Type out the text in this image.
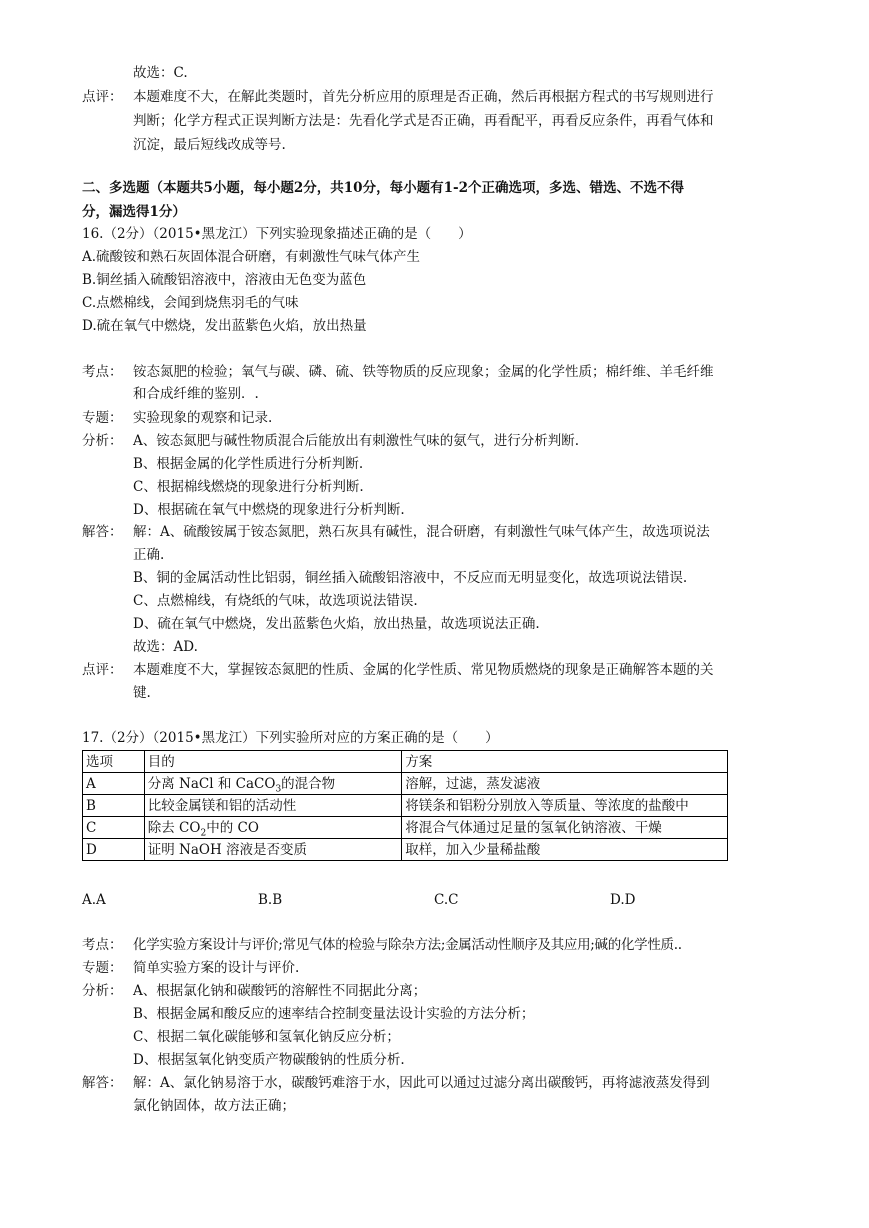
故选：C.
点评： 本题难度不大，在解此类题时，首先分析应用的原理是否正确，然后再根据方程式的书写规则进行
判断；化学方程式正误判断方法是：先看化学式是否正确，再看配平，再看反应条件，再看气体和
沉淀，最后短线改成等号.
二、多选题（本题共5小题，每小题2分，共10分，每小题有1-2个正确选项，多选、错选、不选不得
分，漏选得1分）
16.（2分）（2015•黑龙江）下列实验现象描述正确的是（　　）
A.硫酸铵和熟石灰固体混合研磨，有刺激性气味气体产生
B.铜丝插入硫酸铝溶液中，溶液由无色变为蓝色
C.点燃棉线，会闻到烧焦羽毛的气味
D.硫在氧气中燃烧，发出蓝紫色火焰，放出热量
考点： 铵态氮肥的检验；氧气与碳、磷、硫、铁等物质的反应现象；金属的化学性质；棉纤维、羊毛纤维
和合成纤维的鉴别．.
专题： 实验现象的观察和记录.
分析： A、铵态氮肥与碱性物质混合后能放出有刺激性气味的氨气，进行分析判断.
B、根据金属的化学性质进行分析判断.
C、根据棉线燃烧的现象进行分析判断.
D、根据硫在氧气中燃烧的现象进行分析判断.
解答： 解：A、硫酸铵属于铵态氮肥，熟石灰具有碱性，混合研磨，有刺激性气味气体产生，故选项说法
正确.
B、铜的金属活动性比铝弱，铜丝插入硫酸铝溶液中，不反应而无明显变化，故选项说法错误.
C、点燃棉线，有烧纸的气味，故选项说法错误.
D、硫在氧气中燃烧，发出蓝紫色火焰，放出热量，故选项说法正确.
故选：AD.
点评： 本题难度不大，掌握铵态氮肥的性质、金属的化学性质、常见物质燃烧的现象是正确解答本题的关
键.
17.（2分）（2015•黑龙江）下列实验所对应的方案正确的是（　　）
选项	目的	方案
A	分离 NaCl 和 CaCO$_3$的混合物	溶解，过滤，蒸发滤液
B	比较金属镁和铝的活动性	将镁条和铝粉分别放入等质量、等浓度的盐酸中
C	除去 $CO_2$中的 CO	将混合气体通过足量的氢氧化钠溶液、干燥
D	证明 NaOH 溶液是否变质	取样，加入少量稀盐酸
A.A	B.B	C.C	D.D
考点： 化学实验方案设计与评价;常见气体的检验与除杂方法;金属活动性顺序及其应用;碱的化学性质..
专题： 简单实验方案的设计与评价.
分析： A、根据氯化钠和碳酸钙的溶解性不同据此分离；
B、根据金属和酸反应的速率结合控制变量法设计实验的方法分析；
C、根据二氧化碳能够和氢氧化钠反应分析；
D、根据氢氧化钠变质产物碳酸钠的性质分析.
解答： 解：A、氯化钠易溶于水，碳酸钙难溶于水，因此可以通过过滤分离出碳酸钙，再将滤液蒸发得到
氯化钠固体，故方法正确；
